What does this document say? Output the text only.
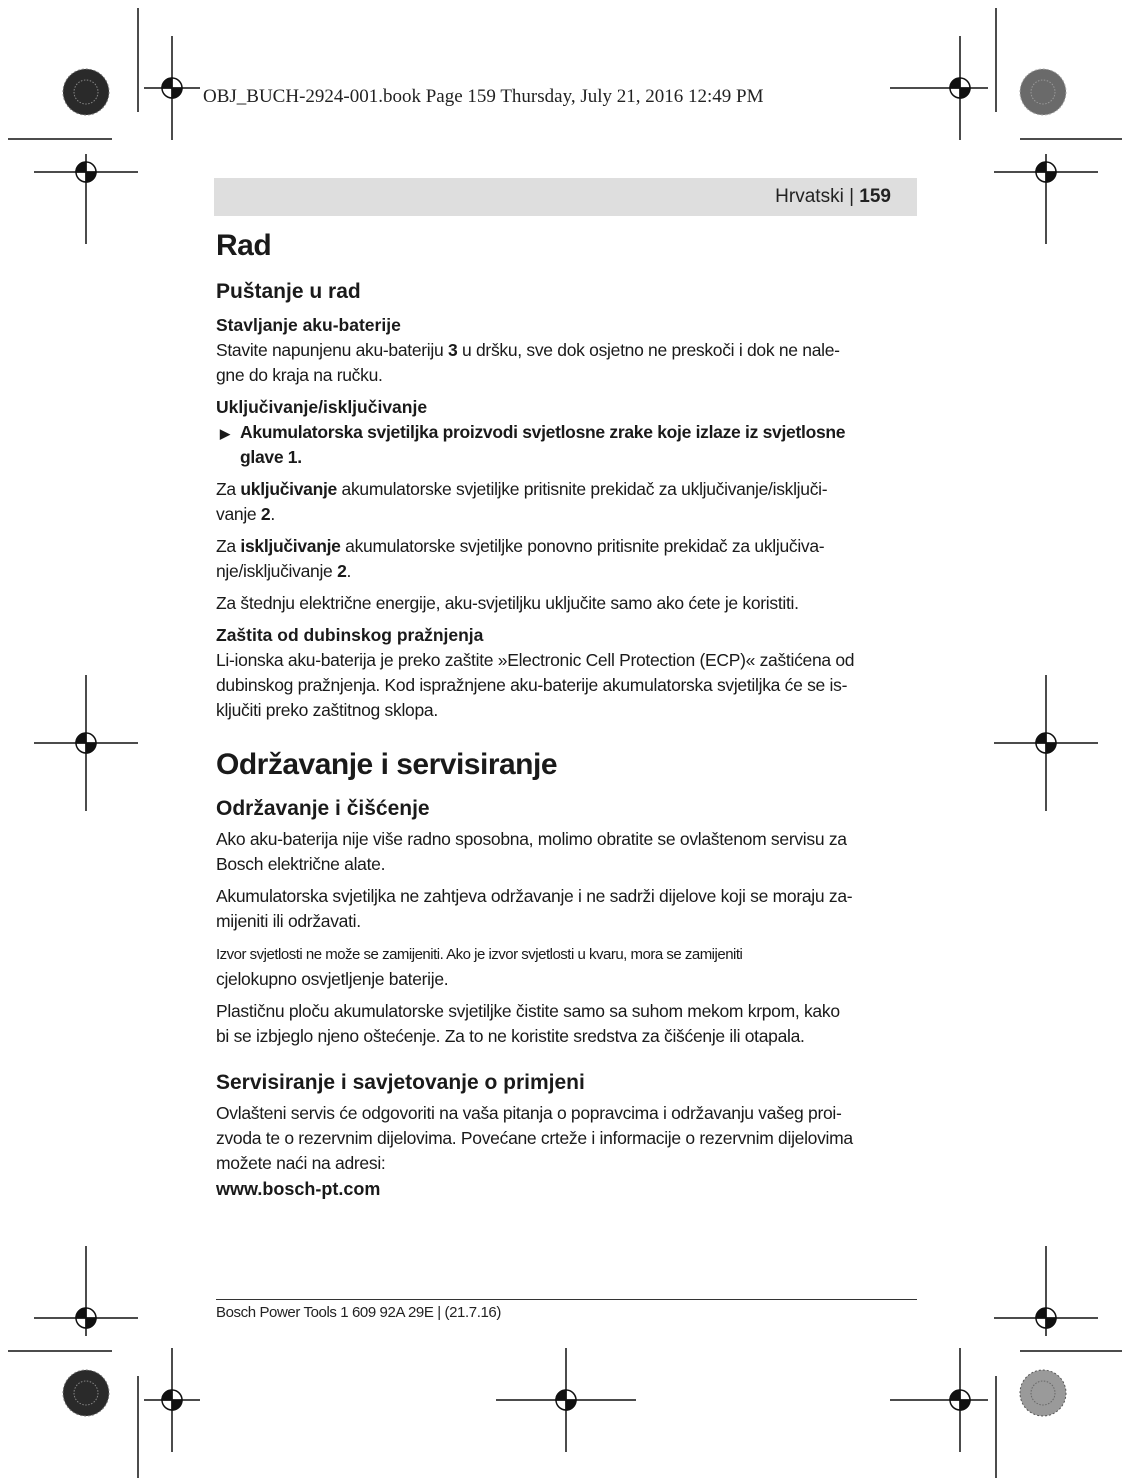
OBJ_BUCH-2924-001.book Page 159 Thursday, July 21, 2016 12:49 PM
Hrvatski | 159
Rad
Puštanje u rad
Stavljanje aku-baterije

Stavite napunjenu aku-bateriju 3 u dršku, sve dok osjetno ne preskoči i dok ne nale-
gne do kraja na ručku.

Uključivanje/isključivanje

▶ Akumulatorska svjetiljka proizvodi svjetlosne zrake koje izlaze iz svjetlosne
glave 1.

Za uključivanje akumulatorske svjetiljke pritisnite prekidač za uključivanje/isključi-
vanje 2.

Za isključivanje akumulatorske svjetiljke ponovno pritisnite prekidač za uključiva-
nje/isključivanje 2.

Za štednju električne energije, aku-svjetiljku uključite samo ako ćete je koristiti.

Zaštita od dubinskog pražnjenja

Li-ionska aku-baterija je preko zaštite »Electronic Cell Protection (ECP)« zaštićena od
dubinskog pražnjenja. Kod ispražnjene aku-baterije akumulatorska svjetiljka će se is-
ključiti preko zaštitnog sklopa.

Održavanje i servisiranje
Održavanje i čišćenje

Ako aku-baterija nije više radno sposobna, molimo obratite se ovlaštenom servisu za
Bosch električne alate.

Akumulatorska svjetiljka ne zahtjeva održavanje i ne sadrži dijelove koji se moraju za-
mijeniti ili održavati.

Izvor svjetlosti ne može se zamijeniti. Ako je izvor svjetlosti u kvaru, mora se zamijeniti
cjelokupno osvjetljenje baterije.

Plastičnu ploču akumulatorske svjetiljke čistite samo sa suhom mekom krpom, kako
bi se izbjeglo njeno oštećenje. Za to ne koristite sredstva za čišćenje ili otapala.

Servisiranje i savjetovanje o primjeni

Ovlašteni servis će odgovoriti na vaša pitanja o popravcima i održavanju vašeg proi-
zvoda te o rezervnim dijelovima. Povećane crteže i informacije o rezervnim dijelovima
možete naći na adresi:

www.bosch-pt.com
Bosch Power Tools 1 609 92A 29E | (21.7.16)
